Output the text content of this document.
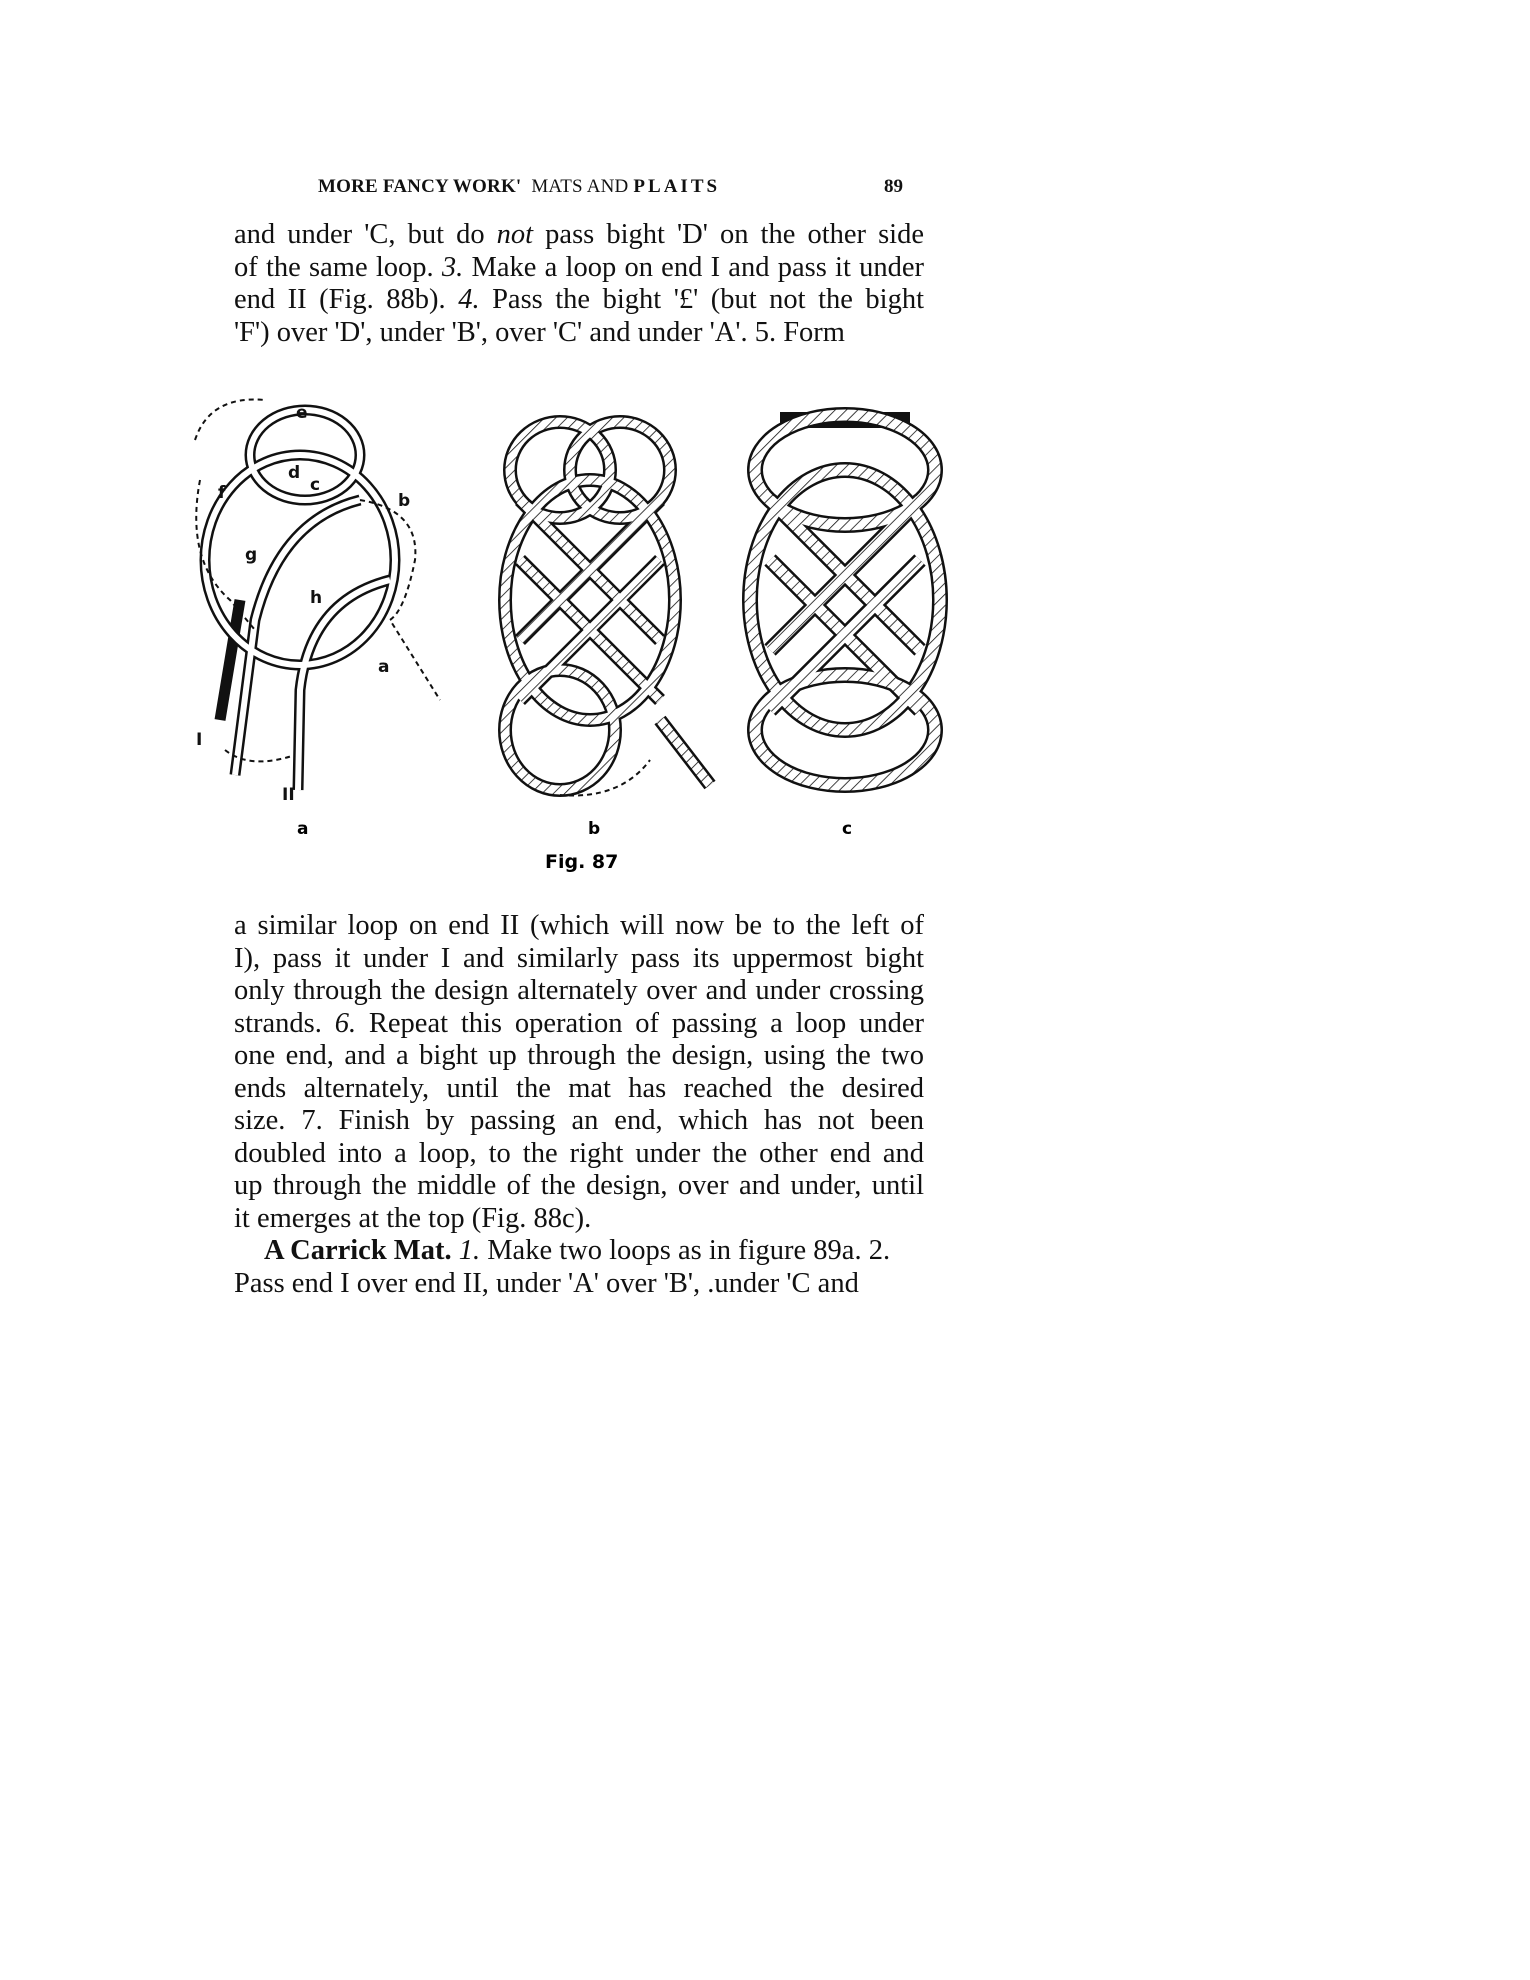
MORE FANCY WORK' MATS AND PLAITS	89
and under 'C, but do not pass bight 'D' on the other side
of the same loop. 3. Make a loop on end I and pass it under
end II (Fig. 88b). 4. Pass the bight '£' (but not the bight
'F') over 'D', under 'B', over 'C' and under 'A'. 5. Form
e
d
c
b
f
g
h
a
I
II
a	b	c
Fig. 87
a similar loop on end II (which will now be to the left of
I), pass it under I and similarly pass its uppermost bight
only through the design alternately over and under crossing
strands. 6. Repeat this operation of passing a loop under
one end, and a bight up through the design, using the two
ends alternately, until the mat has reached the desired
size. 7. Finish by passing an end, which has not been
doubled into a loop, to the right under the other end and
up through the middle of the design, over and under, until
it emerges at the top (Fig. 88c).
A Carrick Mat. 1. Make two loops as in figure 89a. 2.
Pass end I over end II, under 'A' over 'B', .under 'C and
